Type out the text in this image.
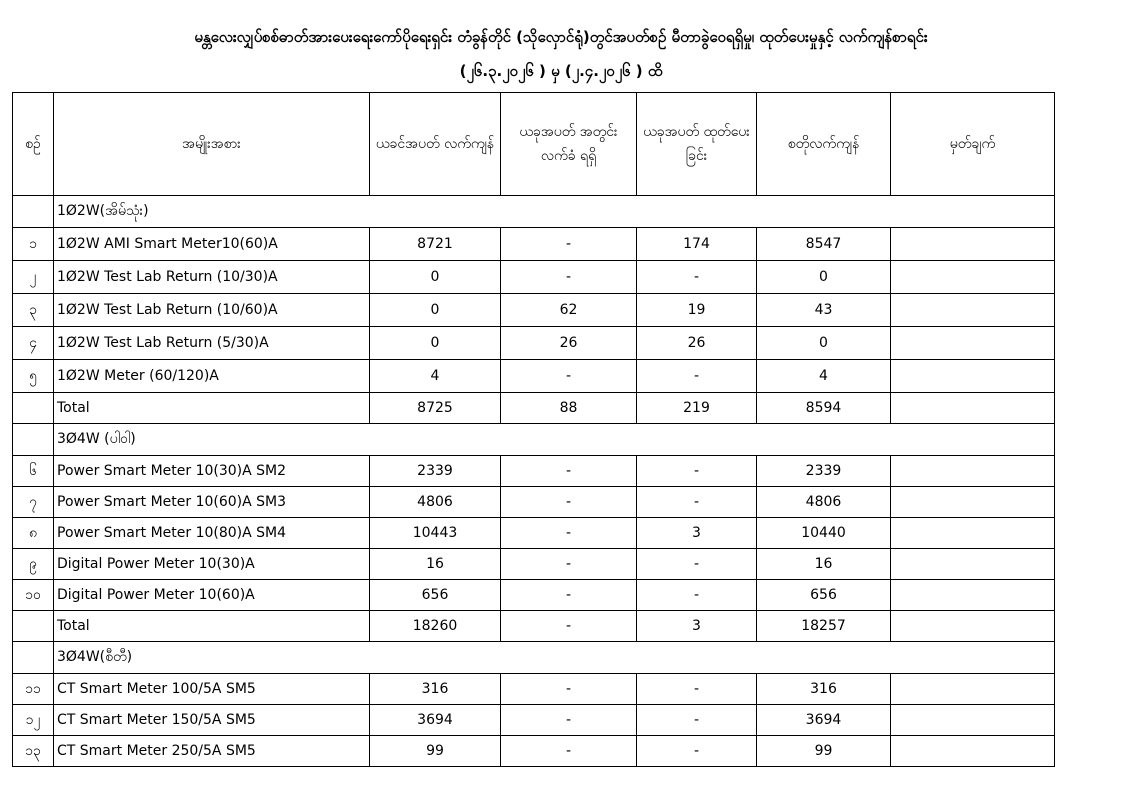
မန္တလေးလျှပ်စစ်ဓာတ်အားပေးရေးကော်ပိုရေးရှင်း တံခွန်တိုင် (သိုလှောင်ရုံ)တွင်အပတ်စဉ် မီတာခွဲဝေရရှိမှု၊ ထုတ်ပေးမှုနှင့် လက်ကျန်စာရင်း
(၂၆.၃.၂၀၂၆ ) မှ (၂.၄.၂၀၂၆ ) ထိ
စဉ်	အမျိုးအစား	ယခင်အပတ် လက်ကျန်	ယခုအပတ် အတွင်းလက်ခံ ရရှိ	ယခုအပတ် ထုတ်ပေးခြင်း	စတိုလက်ကျန်	မှတ်ချက်
	1Ø2W(အိမ်သုံး)					
၁	1Ø2W AMI Smart Meter10(60)A	8721	-	174	8547	
၂	1Ø2W Test Lab Return (10/30)A	0	-	-	0	
၃	1Ø2W Test Lab Return (10/60)A	0	62	19	43	
၄	1Ø2W Test Lab Return (5/30)A	0	26	26	0	
၅	1Ø2W Meter (60/120)A	4	-	-	4	
	Total	8725	88	219	8594	
	3Ø4W (ပါဝါ)					
၆	Power Smart Meter 10(30)A SM2	2339	-	-	2339	
၇	Power Smart Meter 10(60)A SM3	4806	-	-	4806	
၈	Power Smart Meter 10(80)A SM4	10443	-	3	10440	
၉	Digital Power Meter 10(30)A	16	-	-	16	
၁၀	Digital Power Meter 10(60)A	656	-	-	656	
	Total	18260	-	3	18257	
	3Ø4W(စီတီ)					
၁၁	CT Smart Meter 100/5A SM5	316	-	-	316	
၁၂	CT Smart Meter 150/5A SM5	3694	-	-	3694	
၁၃	CT Smart Meter 250/5A SM5	99	-	-	99	
